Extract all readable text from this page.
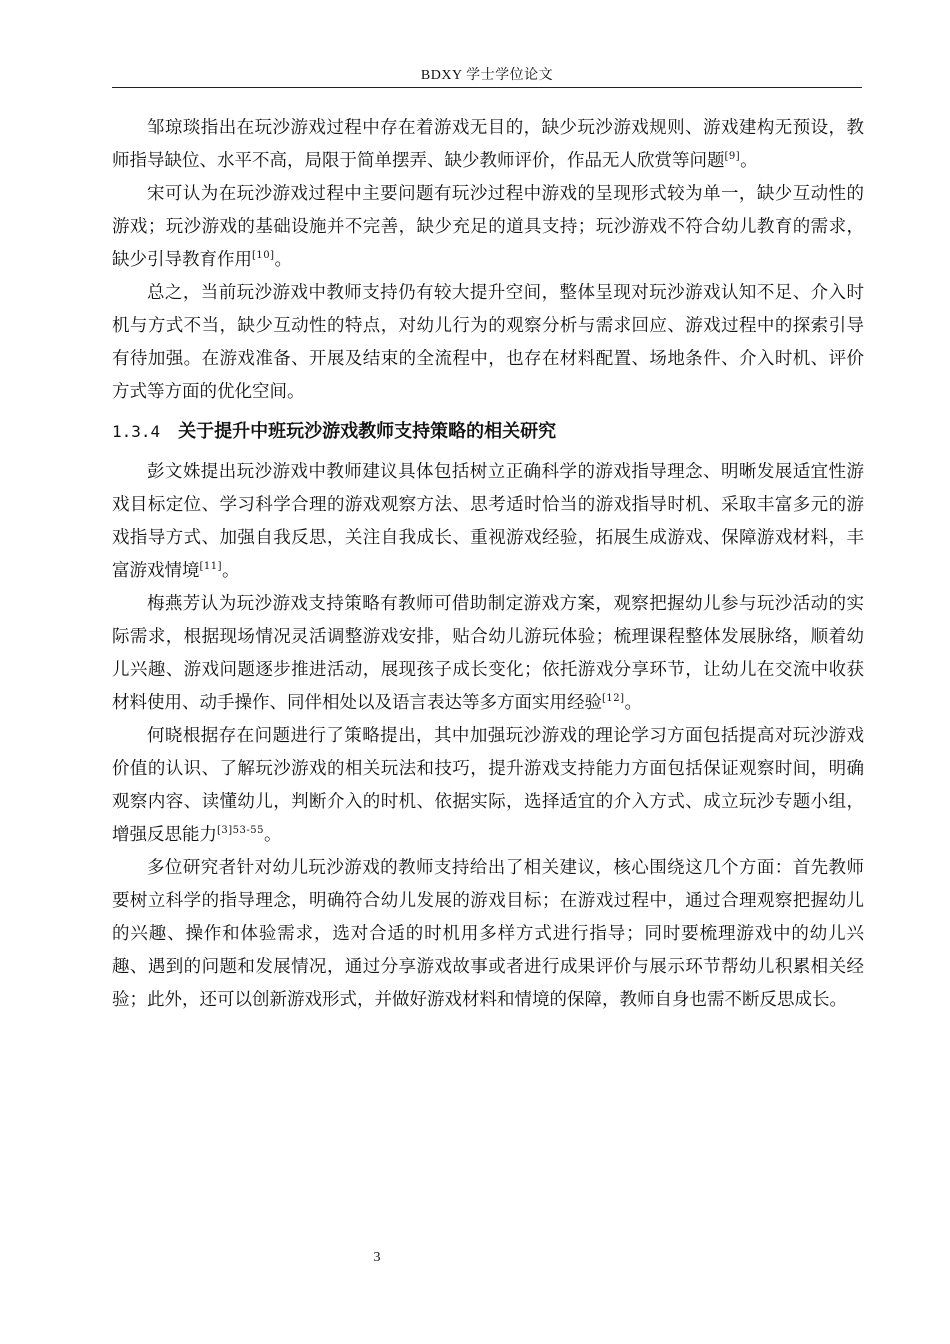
BDXY 学士学位论文

邹琼琰指出在玩沙游戏过程中存在着游戏无目的，缺少玩沙游戏规则、游戏建构无预设，教师指导缺位、水平不高，局限于简单摆弄、缺少教师评价，作品无人欣赏等问题[9]。

宋可认为在玩沙游戏过程中主要问题有玩沙过程中游戏的呈现形式较为单一，缺少互动性的游戏；玩沙游戏的基础设施并不完善，缺少充足的道具支持；玩沙游戏不符合幼儿教育的需求，缺少引导教育作用[10]。

总之，当前玩沙游戏中教师支持仍有较大提升空间，整体呈现对玩沙游戏认知不足、介入时机与方式不当，缺少互动性的特点，对幼儿行为的观察分析与需求回应、游戏过程中的探索引导有待加强。在游戏准备、开展及结束的全流程中，也存在材料配置、场地条件、介入时机、评价方式等方面的优化空间。

1.3.4 关于提升中班玩沙游戏教师支持策略的相关研究

彭文姝提出玩沙游戏中教师建议具体包括树立正确科学的游戏指导理念、明晰发展适宜性游戏目标定位、学习科学合理的游戏观察方法、思考适时恰当的游戏指导时机、采取丰富多元的游戏指导方式、加强自我反思，关注自我成长、重视游戏经验，拓展生成游戏、保障游戏材料，丰富游戏情境[11]。

梅燕芳认为玩沙游戏支持策略有教师可借助制定游戏方案，观察把握幼儿参与玩沙活动的实际需求，根据现场情况灵活调整游戏安排，贴合幼儿游玩体验；梳理课程整体发展脉络，顺着幼儿兴趣、游戏问题逐步推进活动，展现孩子成长变化；依托游戏分享环节，让幼儿在交流中收获材料使用、动手操作、同伴相处以及语言表达等多方面实用经验[12]。

何晓根据存在问题进行了策略提出，其中加强玩沙游戏的理论学习方面包括提高对玩沙游戏价值的认识、了解玩沙游戏的相关玩法和技巧，提升游戏支持能力方面包括保证观察时间，明确观察内容、读懂幼儿，判断介入的时机、依据实际，选择适宜的介入方式、成立玩沙专题小组，增强反思能力$^{[3]53-55}$。

多位研究者针对幼儿玩沙游戏的教师支持给出了相关建议，核心围绕这几个方面：首先教师要树立科学的指导理念，明确符合幼儿发展的游戏目标；在游戏过程中，通过合理观察把握幼儿的兴趣、操作和体验需求，选对合适的时机用多样方式进行指导；同时要梳理游戏中的幼儿兴趣、遇到的问题和发展情况，通过分享游戏故事或者进行成果评价与展示环节帮幼儿积累相关经验；此外，还可以创新游戏形式，并做好游戏材料和情境的保障，教师自身也需不断反思成长。

3
